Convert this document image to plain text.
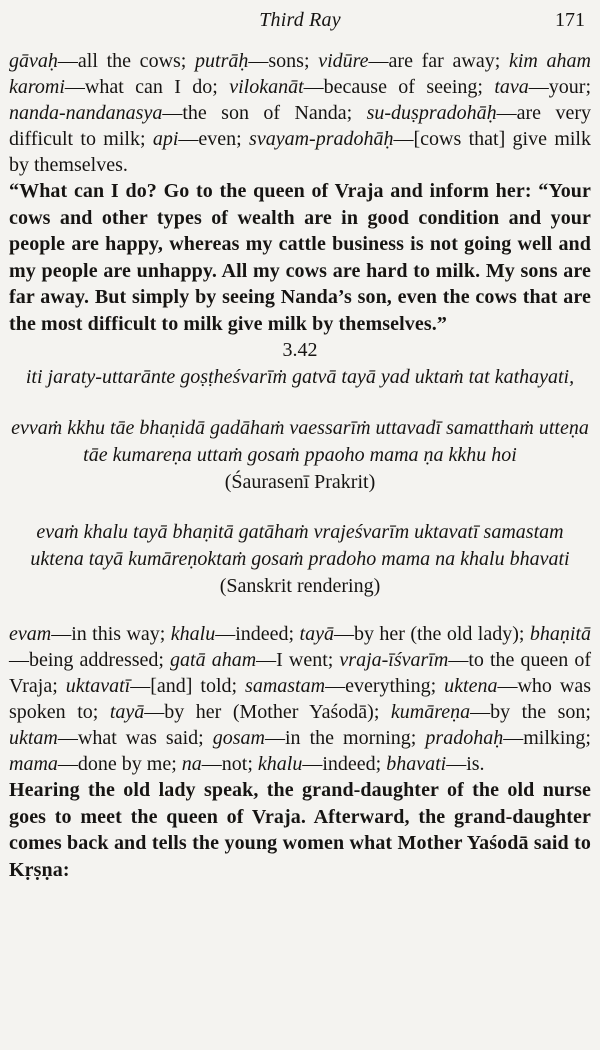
Third Ray	171

gāvaḥ—all the cows; putrāḥ—sons; vidūre—are far away; kim aham karomi—what can I do; vilokanāt—because of seeing; tava—your; nanda-nandanasya—the son of Nanda; su-duṣpradohāḥ—are very difficult to milk; api—even; svayam-pradohāḥ—[cows that] give milk by themselves.

“What can I do? Go to the queen of Vraja and inform her: “Your cows and other types of wealth are in good condition and your people are happy, whereas my cattle business is not going well and my people are unhappy. All my cows are hard to milk. My sons are far away. But simply by seeing Nanda’s son, even the cows that are the most difficult to milk give milk by themselves.”

3.42
iti jaraty-uttarānte goṣṭheśvarīṁ gatvā tayā yad uktaṁ tat kathayati,
evvaṁ kkhu tāe bhaṇidā gadāhaṁ vaessarīṁ uttavadī samatthaṁ utteṇa tāe kumareṇa uttaṁ gosaṁ ppaoho mama ṇa kkhu hoi
(Śaurasenī Prakrit)
evaṁ khalu tayā bhaṇitā gatāhaṁ vrajeśvarīm uktavatī samastam uktena tayā kumāreṇoktaṁ gosaṁ pradoho mama na khalu bhavati
(Sanskrit rendering)

evam—in this way; khalu—indeed; tayā—by her (the old lady); bhaṇitā—being addressed; gatā aham—I went; vraja-īśvarīm—to the queen of Vraja; uktavatī—[and] told; samastam—everything; uktena—who was spoken to; tayā—by her (Mother Yaśodā); kumāreṇa—by the son; uktam—what was said; gosam—in the morning; pradohaḥ—milking; mama—done by me; na—not; khalu—indeed; bhavati—is.

Hearing the old lady speak, the grand-daughter of the old nurse goes to meet the queen of Vraja. Afterward, the grand-daughter comes back and tells the young women what Mother Yaśodā said to Kṛṣṇa:
